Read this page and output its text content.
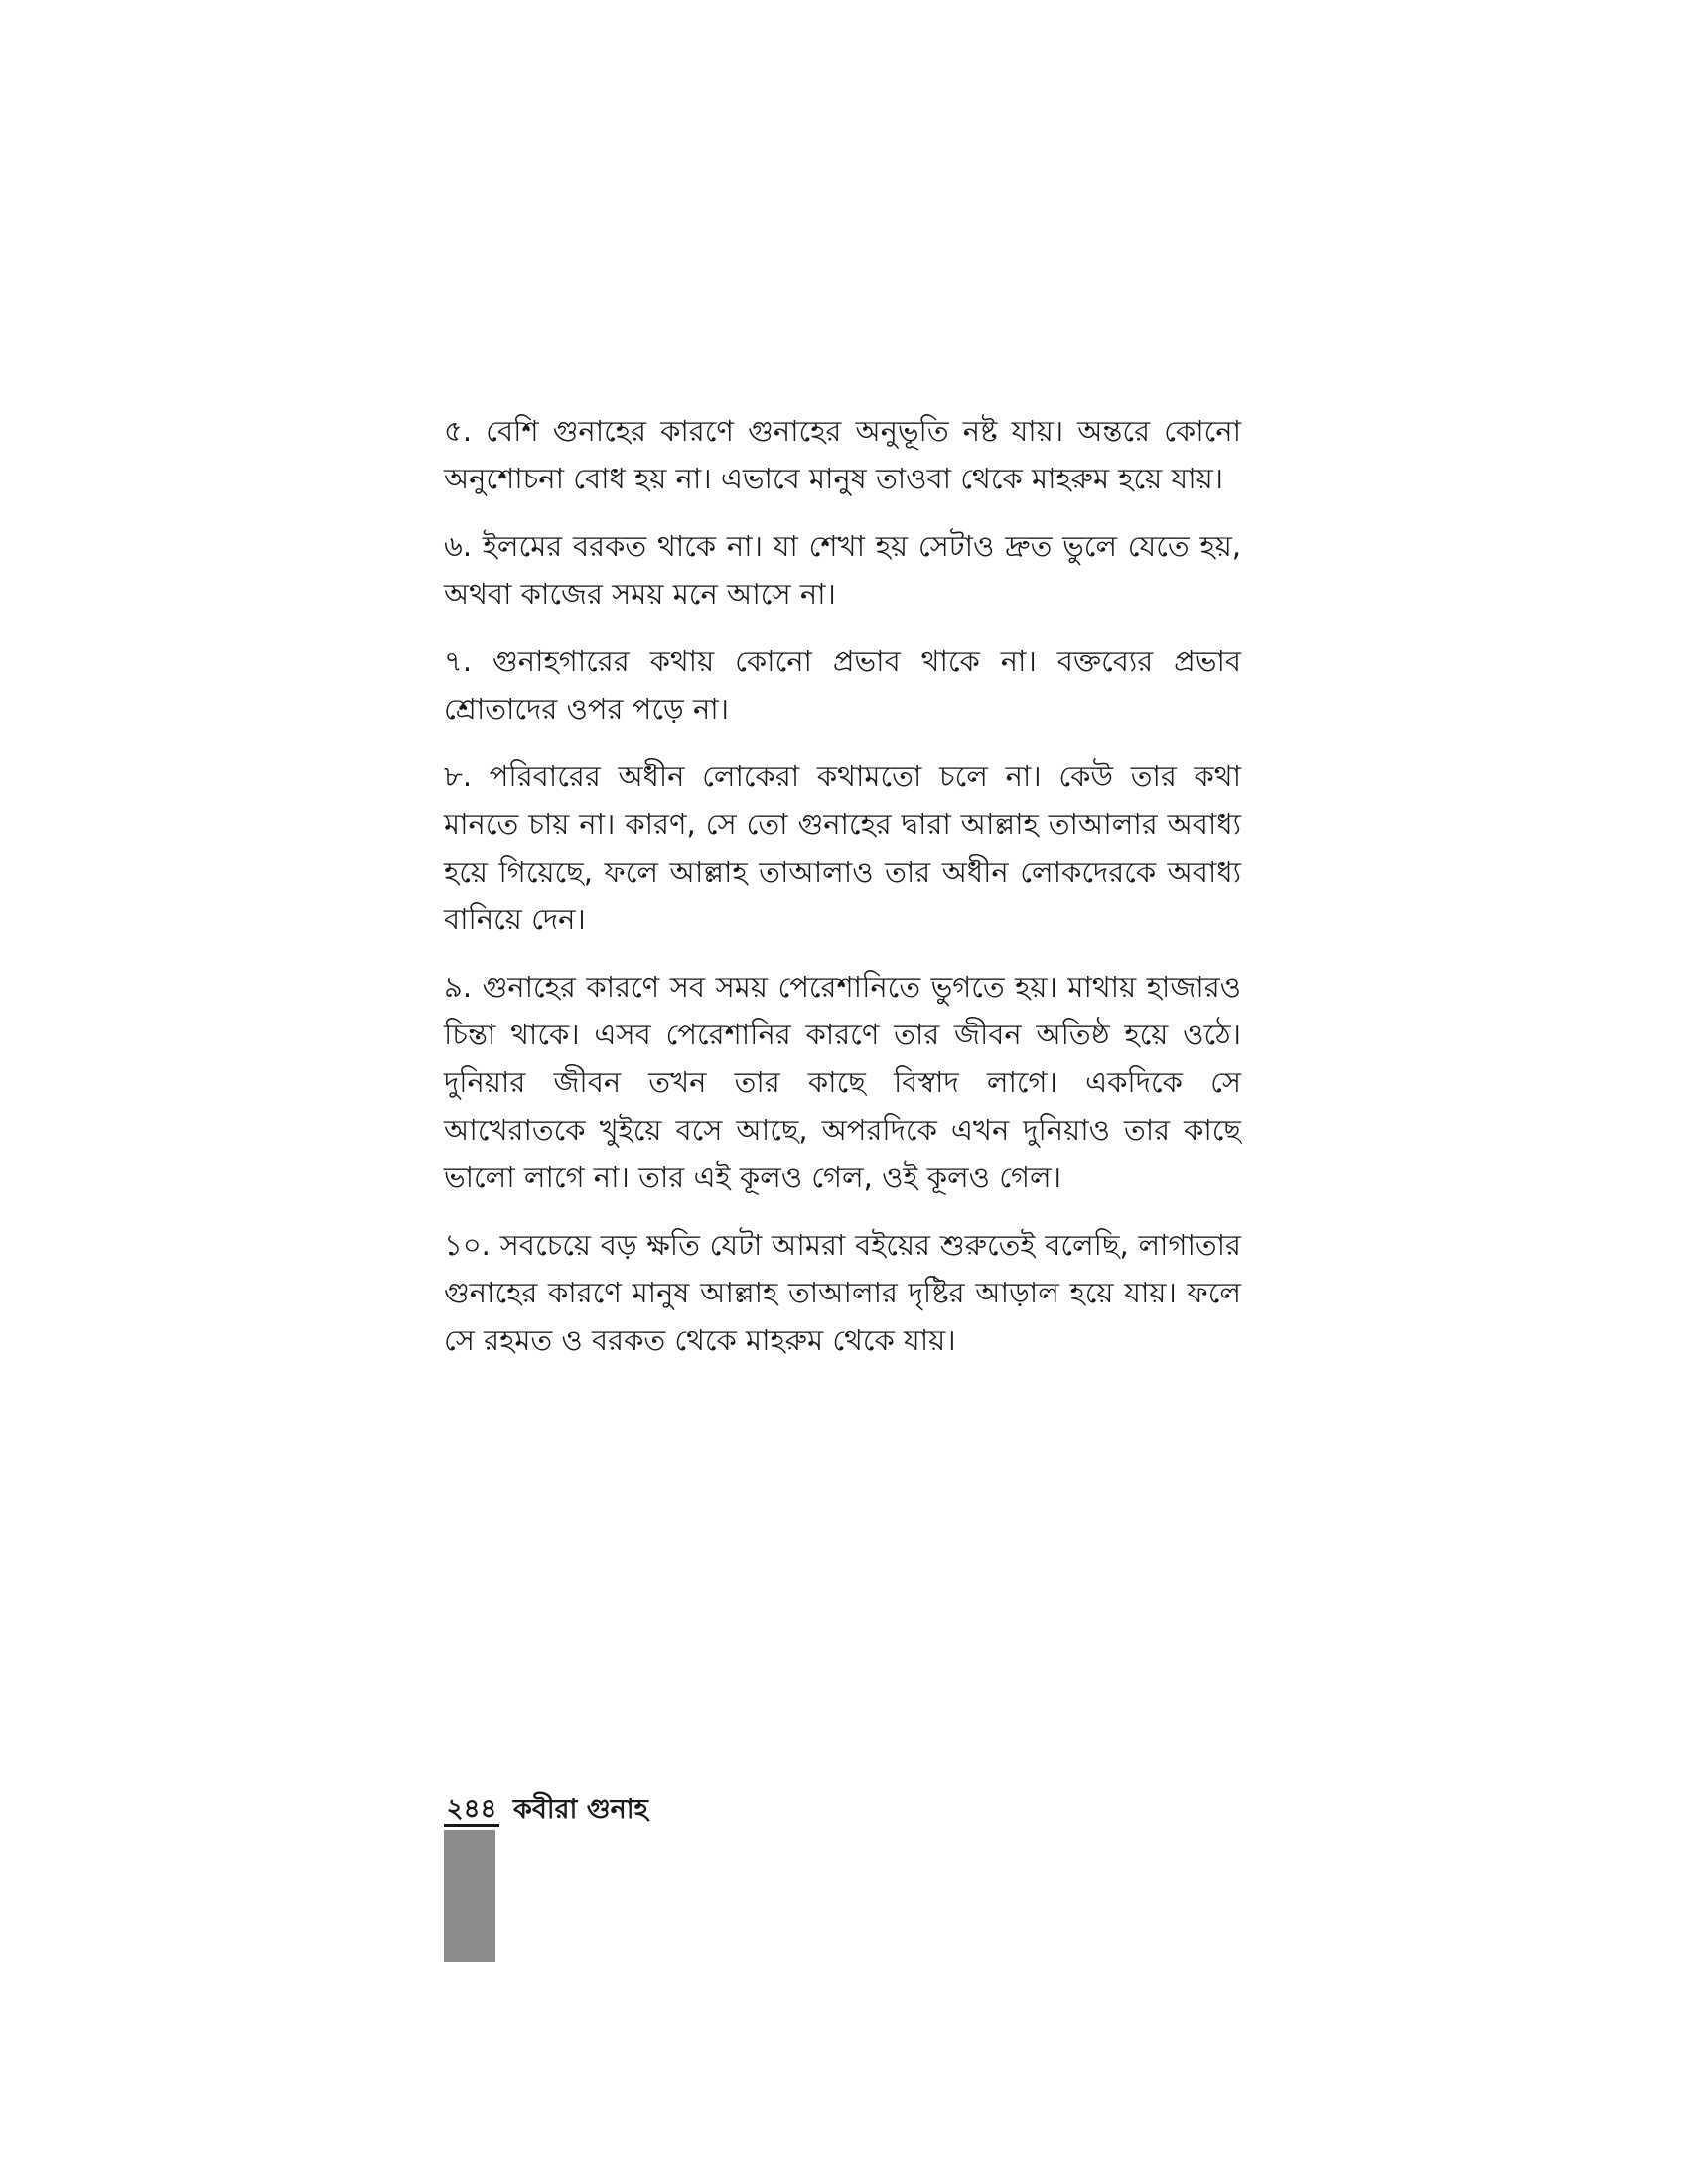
৫. বেশি গুনাহের কারণে গুনাহের অনুভূতি নষ্ট যায়। অন্তরে কোনো অনুশোচনা বোধ হয় না। এভাবে মানুষ তাওবা থেকে মাহরুম হয়ে যায়।

৬. ইলমের বরকত থাকে না। যা শেখা হয় সেটাও দ্রুত ভুলে যেতে হয়, অথবা কাজের সময় মনে আসে না।

৭. গুনাহগারের কথায় কোনো প্রভাব থাকে না। বক্তব্যের প্রভাব শ্রোতাদের ওপর পড়ে না।

৮. পরিবারের অধীন লোকেরা কথামতো চলে না। কেউ তার কথা মানতে চায় না। কারণ, সে তো গুনাহের দ্বারা আল্লাহ তাআলার অবাধ্য হয়ে গিয়েছে, ফলে আল্লাহ তাআলাও তার অধীন লোকদেরকে অবাধ্য বানিয়ে দেন।

৯. গুনাহের কারণে সব সময় পেরেশানিতে ভুগতে হয়। মাথায় হাজারও চিন্তা থাকে। এসব পেরেশানির কারণে তার জীবন অতিষ্ঠ হয়ে ওঠে। দুনিয়ার জীবন তখন তার কাছে বিস্বাদ লাগে। একদিকে সে আখেরাতকে খুইয়ে বসে আছে, অপরদিকে এখন দুনিয়াও তার কাছে ভালো লাগে না। তার এই কূলও গেল, ওই কূলও গেল।

১০. সবচেয়ে বড় ক্ষতি যেটা আমরা বইয়ের শুরুতেই বলেছি, লাগাতার গুনাহের কারণে মানুষ আল্লাহ তাআলার দৃষ্টির আড়াল হয়ে যায়। ফলে সে রহমত ও বরকত থেকে মাহরুম থেকে যায়।

২৪৪ কবীরা গুনাহ
